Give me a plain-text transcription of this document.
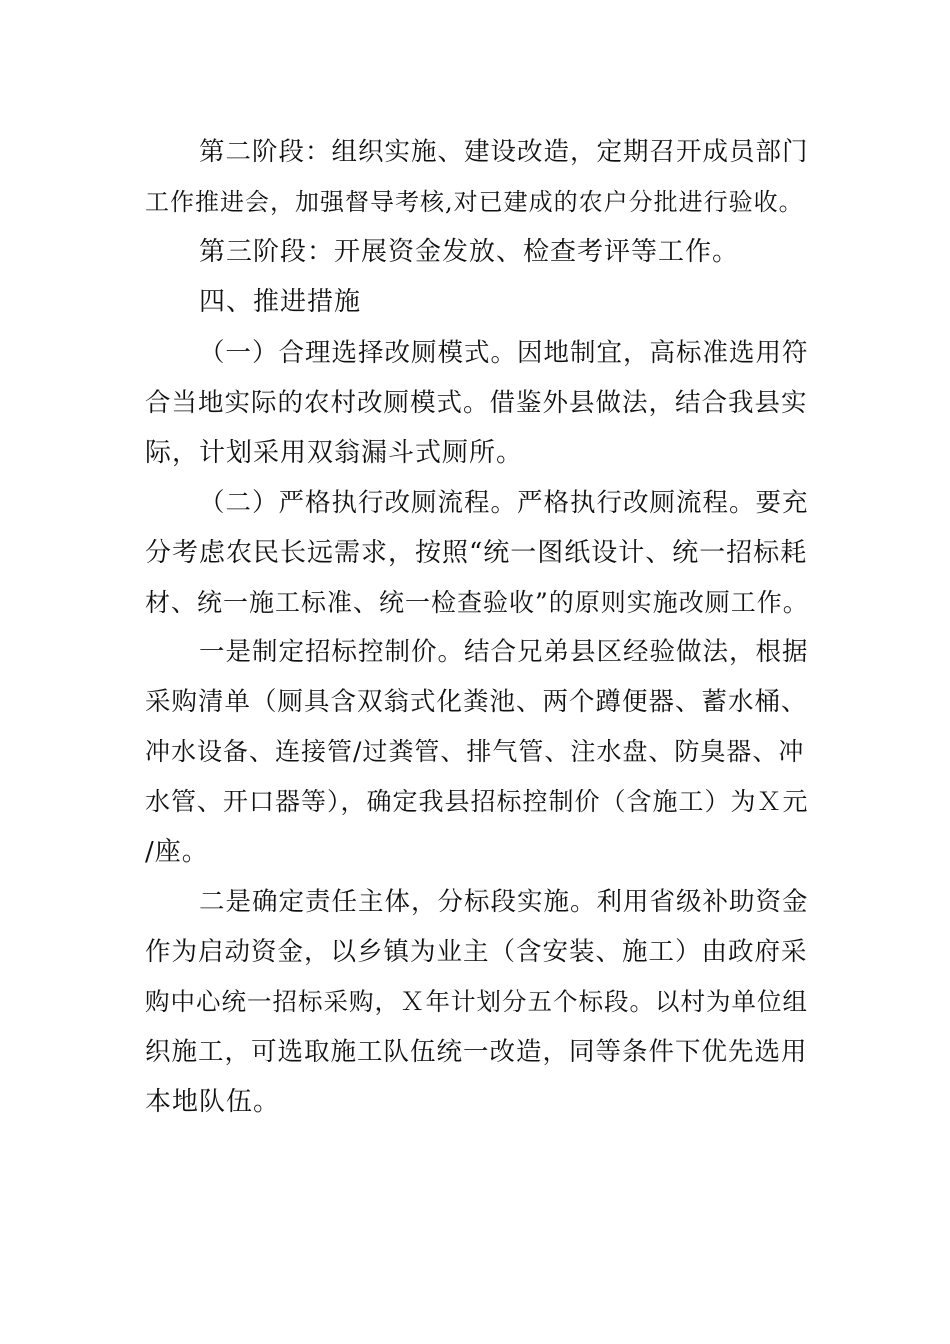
第二阶段：组织实施、建设改造，定期召开成员部门
工作推进会，加强督导考核,对已建成的农户分批进行验收。
第三阶段：开展资金发放、检查考评等工作。
四、推进措施
（一）合理选择改厕模式。因地制宜，高标准选用符
合当地实际的农村改厕模式。借鉴外县做法，结合我县实
际，计划采用双翁漏斗式厕所。
（二）严格执行改厕流程。严格执行改厕流程。要充
分考虑农民长远需求，按照“统一图纸设计、统一招标耗
材、统一施工标准、统一检查验收”的原则实施改厕工作。
一是制定招标控制价。结合兄弟县区经验做法，根据
采购清单（厕具含双翁式化粪池、两个蹲便器、蓄水桶、
冲水设备、连接管/过粪管、排气管、注水盘、防臭器、冲
水管、开口器等），确定我县招标控制价（含施工）为Ｘ元
/座。
二是确定责任主体，分标段实施。利用省级补助资金
作为启动资金，以乡镇为业主（含安装、施工）由政府采
购中心统一招标采购，Ｘ年计划分五个标段。以村为单位组
织施工，可选取施工队伍统一改造，同等条件下优先选用
本地队伍。
